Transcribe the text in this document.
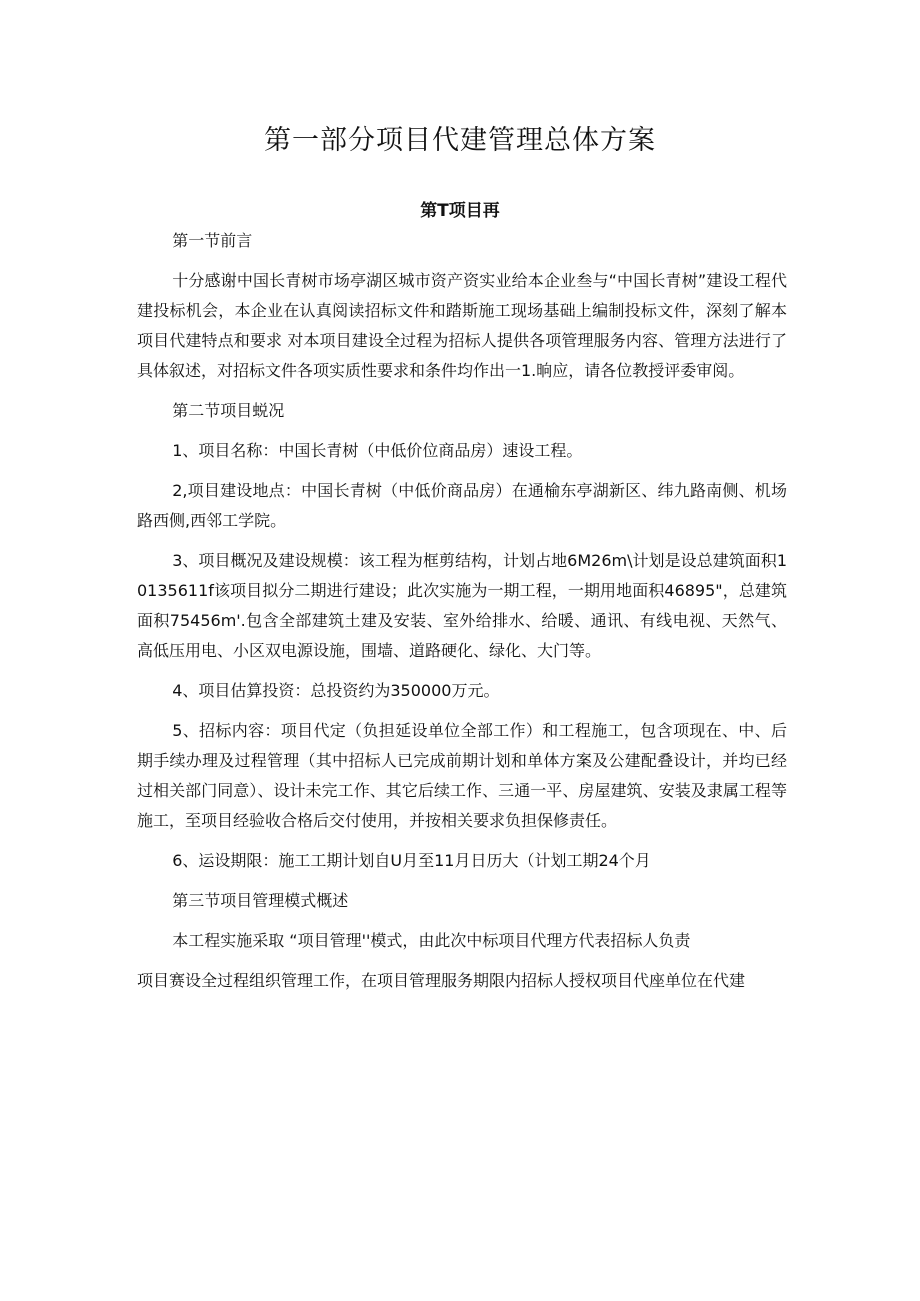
第一部分项目代建管理总体方案
第T项目再
第一节前言
十分感谢中国长青树市场亭湖区城市资产资实业给本企业叁与“中国长青树”建设工程代建投标机会，本企业在认真阅读招标文件和踏斯施工现场基础上编制投标文件，深刻了解本项目代建特点和要求 对本项目建设全过程为招标人提供各项管理服务内容、管理方法进行了具体叙述，对招标文件各项实质性要求和条件均作出一1.晌应，请各位教授评委审阅。
第二节项目蜕况
1、项目名称：中国长青树（中低价位商品房）速设工程。
2,项目建设地点：中国长青树（中低价商品房）在通榆东亭湖新区、纬九路南侧、机场路西侧,西邻工学院。
3、项目概况及建设规模：该工程为框剪结构，计划占地6M26m\计划是设总建筑面积10135611f该项目拟分二期进行建设；此次实施为一期工程，一期用地面积46895"，总建筑面积75456m'.包含全部建筑土建及安装、室外给排水、给暖、通讯、有线电视、天然气、高低压用电、小区双电源设施，围墙、道路硬化、绿化、大门等。
4、项目估算投资：总投资约为350000万元。
5、招标内容：项目代定（负担延设单位全部工作）和工程施工，包含项现在、中、后期手续办理及过程管理（其中招标人已完成前期计划和单体方案及公建配叠设计，并均已经过相关部门同意）、设计未完工作、其它后续工作、三通一平、房屋建筑、安装及隶属工程等施工，至项目经验收合格后交付使用，并按相关要求负担保修责任。
6、运设期限：施工工期计划自U月至11月日历大（计划工期24个月
第三节项目管理模式概述
本工程实施采取 “项目管理''模式，由此次中标项目代理方代表招标人负责
项目赛设全过程组织管理工作，在项目管理服务期限内招标人授权项目代座单位在代建
